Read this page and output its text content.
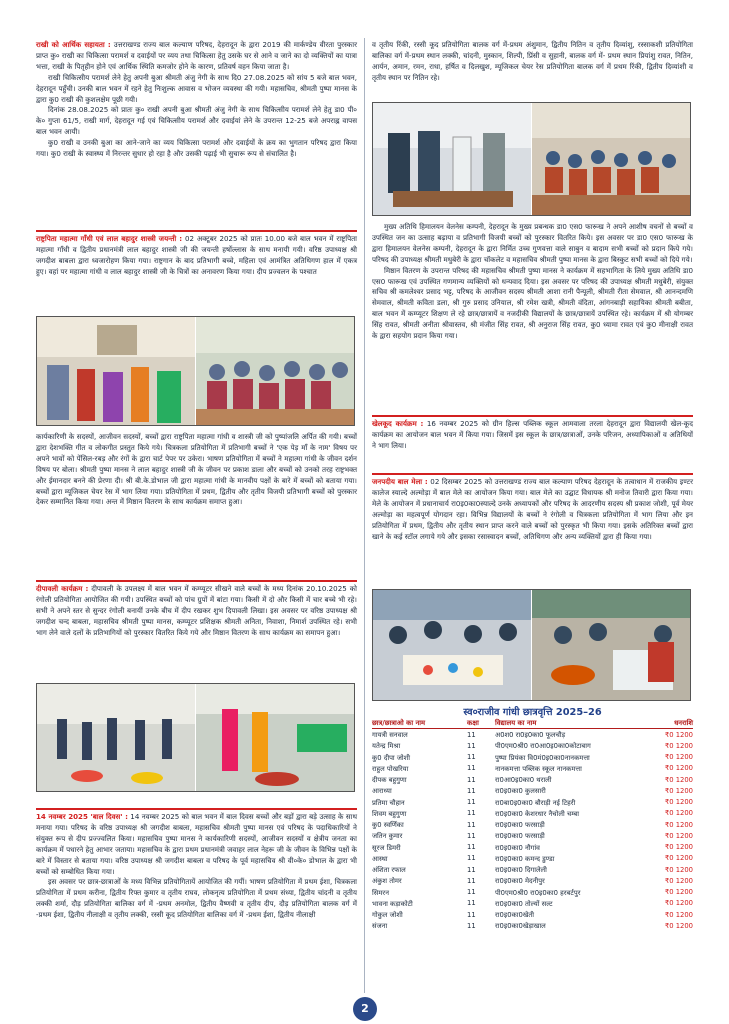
राखी को आर्थिक सहायता : उत्तराखण्ड राज्य बाल कल्याण परिषद, देहरादून के द्वारा 2019 की मार्कण्डेय वीरता पुरस्कार प्राप्त कु० राखी का चिकित्सा परामर्श व दवाईयों पर व्यय तथा चिकित्सा हेतु उसके घर से आने व जाने का दो व्यक्तियों का यात्रा भत्ता, राखी के पितृहीन होने एवं आर्थिक स्थिति कमजोर होने के कारण, प्रतिवर्ष वहन किया जाता है।

राखी चिकित्सीय परामर्श लेने हेतु अपनी बुआ श्रीमती अंजु नेगी के साथ दि0 27.08.2025 को सांय 5 बजे बाल भवन, देहरादून पहुँची। उनकी बाल भवन में रहने हेतु निःशुल्क आवास व भोजन व्यवस्था की गयी। महासचिव, श्रीमती पुष्पा मानस के द्वारा कु0 राखी की कुशलक्षेम पूछी गयी।

दिनांक 28.08.2025 को प्रातः कु० राखी अपनी बुआ श्रीमती अंजु नेगी के साथ चिकित्सीय परामर्श लेने हेतु डा0 पी० के० गुप्ता 61/5, राखी मार्ग, देहरादून गई एवं चिकित्सीय परामर्श और दवाईयां लेने के उपरान्त 12-25 बजे अपराह्न वापस बाल भवन आयी।

कु0 राखी व उनकी बुआ का आने-जाने का व्यय चिकित्सा परामर्श और दवाईयों के क्रय का भुगतान परिषद द्वारा किया गया। कु0 राखी के स्वास्थ्य में निरन्तर सुधार हो रहा है और उसकी पढ़ाई भी सुचारू रूप से संचालित है।

राष्ट्रपिता महात्मा गाँधी एवं लाल बहादुर शास्त्री जयन्ती : 02 अक्टूबर 2025 को प्रातः 10.00 बजे बाल भवन में राष्ट्रपिता महात्मा गाँधी व द्वितीय प्रधानमंत्री लाल बहादुर शास्त्री जी की जयन्ती हर्षोल्लास के साथ मनायी गयी। वरिष्ठ उपाध्यक्ष श्री जगदीश बाबला द्वारा ध्वजारोहण किया गया। राष्ट्रगान के बाद प्रतिभागी बच्चे, महिला एवं आमंत्रित अतिथिगण हाल में एकत्र हुए। वहां पर महात्मा गांधी व लाल बहादुर शास्त्री जी के चित्रों का अनावरण किया गया। दीप प्रज्वलन के पश्चात

कार्यकारिणी के सदस्यों, आजीवन सदस्यों, बच्चों द्वारा राष्ट्रपिता महात्मा गांधी व शास्त्री जी को पुष्पांजलि अर्पित की गयी। बच्चों द्वारा देशभक्ति गीत व लोकगीत प्रस्तुत किये गये। चित्रकला प्रतियोगिता में प्रतिभागी बच्चों ने 'एक पेड़ माँ के नाम' विषय पर अपने भावों को पेंसिल-रबड़ और रंगों के द्वारा चार्ट पेपर पर उकेरा। भाषण प्रतियोगिता में बच्चों ने महात्मा गांधी के जीवन दर्शन विषय पर बोला। श्रीमती पुष्पा मानस ने लाल बहादुर शास्त्री जी के जीवन पर प्रकाश डाला और बच्चों को उनको तरह राष्ट्रभक्त और ईमानदार बनने की प्रेरणा दी। श्री बी.के.डोभाल जी द्वारा महात्मा गांधी के मानवीय पक्षों के बारे में बच्चों को बताया गया। बच्चों द्वारा म्यूजिकल चेयर रेस में भाग लिया गया। प्रतियोगिता में प्रथम, द्वितीय और तृतीय विजयी प्रतिभागी बच्चों को पुरस्कार देकर सम्मानित किया गया। अन्त में मिष्ठान वितरण के साथ कार्यक्रम समाप्त हुआ।

दीपावली कार्यक्रम : दीपावली के उपलक्ष्य में बाल भवन में कम्प्यूटर सीखने वाले बच्चों के मध्य दिनांक 20.10.2025 को रंगोली प्रतियोगिता आयोजित की गयी। उपस्थित बच्चों को पांच ग्रुपों में बांटा गया। किसी में दो और किसी में चार बच्चे भी रहे। सभी ने अपने स्तर से सुन्दर रंगोली बनायीं उनके बीच में दीप रखकर शुभ दिपावली लिखा। इस अवसर पर वरिष्ठ उपाध्यक्ष श्री जगदीश चन्द बाबला, महासचिव श्रीमती पुष्पा मानस, कम्प्यूटर प्रशिक्षक श्रीमती अनिता, निवाशा, निमार्श उपस्थित रहे। सभी भाग लेने वाले दलों के प्रतिभागियों को पुरस्कार वितरित किये गये और मिष्ठान वितरण के साथ कार्यक्रम का समापन हुआ।

14 नवम्बर 2025 'बाल दिवस' : 14 नवम्बर 2025 को बाल भवन में बाल दिवस बच्चों और बड़ों द्वारा बड़े उत्साह के साथ मनाया गया। परिषद के वरिष्ठ उपाध्यक्ष श्री जगदीश बाबला, महासचिव श्रीमती पुष्पा मानस एवं परिषद के पदाधिकारियों ने संयुक्त रूप से दीप प्रज्ज्वलित किया। महासचिव पुष्पा मानस ने कार्यकारिणी सदस्यों, आजीवन सदस्यों व क्षेत्रीय जनता का कार्यक्रम में पधारने हेतु आभार जताया। महासचिव के द्वारा प्रथम प्रधानमंत्री जवाहर लाल नेहरू जी के जीवन के विभिन्न पक्षों के बारे में विस्तार से बताया गया। वरिष्ठ उपाध्यक्ष श्री जगदीश बाबला व परिषद के पूर्व महासचिव श्री वी०के० डोभाल के द्वारा भी बच्चों को सम्बोधित किया गया।

इस अवसर पर छात्र-छात्राओं के मध्य विभिन्न प्रतियोगितायें आयोजित की गयीं। भाषण प्रतियोगिता में प्रथम ईशा, चित्रकला प्रतियोगिता में प्रथम करीना, द्वितीय रिफ्त कुमार व तृतीय राघव, लोकनृत्य प्रतियोगिता में प्रथम संध्या, द्वितीय चांदनी व तृतीय लक्की शर्मा, दौड़ प्रतियोगिता बालिका वर्ग में -प्रथम अनमोल, द्वितीय वैष्णवी व तृतीय दीप, दौड़ प्रतियोगिता बालक वर्ग में -प्रथम ईशा, द्वितीय नीलाक्षी व तृतीय लक्की, रस्सी कूद प्रतियोगिता बालिका वर्ग में -प्रथम ईशा, द्वितीय नीलाक्षी

व तृतीय रिंकी, रस्सी कूद प्रतियोगिता बालक वर्ग में-प्रथम अंशुमान, द्वितीय नितिन व तृतीय दिव्यांशु, रस्साकशी प्रतियोगिता बालिका वर्ग में-प्रथम स्थान लक्की, चांदनी, मुस्कान, शिल्पी, प्रिंसी व सुहानी, बालक वर्ग में- प्रथम स्थान प्रियांशु रावत, नितिन, आर्यन, अमान, रमन, राधा, हर्षित व दिलखुश, म्यूजिकल चेयर रेस प्रतियोगिता बालक वर्ग में प्रथम रिंकी, द्वितीय दिव्यांशी व तृतीय स्थान पर नितिन रहे।

मुख्य अतिथि हिमालयन वेलनेस कम्पनी, देहरादून के मुख्य प्रबन्धक डा0 एस0 फारूख ने अपने आशीष वचनों से बच्चों व उपस्थित जन का उत्साह बढ़ाया व प्रतिभागी विजयी बच्चों को पुरस्कार वितरित किये। इस अवसर पर डा0 एस0 फारूख के द्वारा हिमालयन वेलनेस कम्पनी, देहरादून के द्वारा निर्मित उच्च गुणवत्ता वाले साबुन व बादाम सभी बच्चों को प्रदान किये गये। परिषद की उपाध्यक्ष श्रीमती मधुबेरी के द्वारा चॉकलेट व महासचिव श्रीमती पुष्पा मानस के द्वारा बिस्कुट सभी बच्चों को दिये गये।

मिष्ठान वितरण के उपरान्त परिषद की महासचिव श्रीमती पुष्पा मानस ने कार्यक्रम में सहभागिता के लिये मुख्य अतिथि डा0 एस0 फारूख एवं उपस्थित गणमान्य व्यक्तियों को धन्यवाद दिया। इस अवसर पर परिषद की उपाध्यक्ष श्रीमती मधुबेरी, संयुक्त सचिव श्री कमलेश्वर प्रसाद भट्ट, परिषद के आजीवन सदस्य श्रीमती आशा रानी पैन्यूली, श्रीमती रीता सेमवाल, श्री आनन्दमणि सेमवाल, श्रीमती कविता डला, श्री गुरु प्रसाद उनियाल, श्री रमेश खत्री, श्रीमती वंदिता, आंगनबाड़ी सहायिका श्रीमती बबीता, बाल भवन में कम्प्यूटर शिक्षण ले रहे छात्र/छात्रायें व नजदीकी विद्यालयों के छात्र/छात्रायें उपस्थित रहे। कार्यक्रम में श्री योगम्बर सिंह रावत, श्रीमती अनीता श्रीवास्तव, श्री मंजीत सिंह रावत, श्री अनुराज सिंह रावत, कु0 ध्यामा रावत एवं कु0 मीनाक्षी रावत के द्वारा सहयोग प्रदान किया गया।

खेलकूद कार्यक्रम : 16 नवम्बर 2025 को ग्रीन हिल्स पब्लिक स्कूल आमवाला तरला देहरादून द्वारा विद्यालयी खेल-कूद कार्यक्रम का आयोजन बाल भवन में किया गया। जिसमें इस स्कूल के छात्र/छात्राओं, उनके परिजन, अध्यापिकाओं व अतिथियों ने भाग लिया।

जनपदीय बाल मेला : 02 दिसम्बर 2025 को उत्तराखण्ड राज्य बाल कल्याण परिषद देहरादून के तत्वाधान में राजकीय इण्टर कालेज स्याल्दे अल्मोड़ा में बाल मेले का आयोजन किया गया। बाल मेले का उद्घाट विधायक श्री मनोज तिवारी द्वारा किया गया। मेले के आयोजन में प्रधानाचार्य रा0इ0का0स्याल्दे उनके अध्यापकों और परिषद के आदरणीय सदस्य श्री प्रकाश जोशी, पूर्व मेयर अल्मोड़ा का महत्वपूर्ण योगदान रहा। विभिन्न विद्यालयों के बच्चों ने रंगोली व चित्रकला प्रतियोगिता में भाग लिया और इन प्रतियोगिता में प्रथम, द्वितीय और तृतीय स्थान प्राप्त करने वाले बच्चों को पुरस्कृत भी किया गया। इसके अतिरिक्त बच्चों द्वारा खाने के कई स्टॉल लगाये गये और इसका रसास्वादन बच्चों, अतिथिगण और अन्य व्यक्तियों द्वारा ही किया गया।

स्व०राजीव गांधी छात्रवृत्ति 2025–26
छात्र/छात्राओ का नाम	कक्षा	विद्यालय का नाम	धनराशि
गायत्री सनवाल	11	अ0श0 रा0इ0का0 फूलचौड़	₹0 1200
यतेन्द्र मिश्रा	11	पी0एम0श्री0 रा0आ0इ0का0कोटाबाग	₹0 1200
कु0 दीपा जोशी	11	पुष्पा प्रियंका वि0मं0इ0का0नानकमत्ता	₹0 1200
राहुल पोखरिया	11	नानकमत्ता पब्लिक स्कूल नानकमत्ता	₹0 1200
दीपक बहुगुणा	11	रा0आ0इ0का0 थराली	₹0 1200
आराध्या	11	रा0इ0का0 कुलसारी	₹0 1200
प्रतिमा चौहान	11	रा0बा0इ0का0 बौराड़ी नई टिहरी	₹0 1200
शिवम बहुगुणा	11	रा0इ0का0 केशरधार नैचोली चम्बा	₹0 1200
कु0 स्वर्णिका	11	रा0इ0का0 फरसाड़ी	₹0 1200
जतिन कुमार	11	रा0इ0का0 फरसाड़ी	₹0 1200
सूरज डिमरी	11	रा0इ0का0 नौगांव	₹0 1200
आस्था	11	रा0इ0का0 कमन्द डुण्डा	₹0 1200
अंशिता रफाल	11	रा0इ0का0 दिगालेली	₹0 1200
अंकुश तोमर	11	रा0इ0का0 मेदनीपुर	₹0 1200
सिमरन	11	पी0एम0श्री0 रा0इ0का0 हरबर्टपुर	₹0 1200
भावना कड़ाकोटी	11	रा0इ0का0 तोल्यों सल्ट	₹0 1200
गोकुल जोशी	11	रा0इ0का0खेती	₹0 1200
संजना	11	रा0इ0का0खेड़ाखाल	₹0 1200
2
